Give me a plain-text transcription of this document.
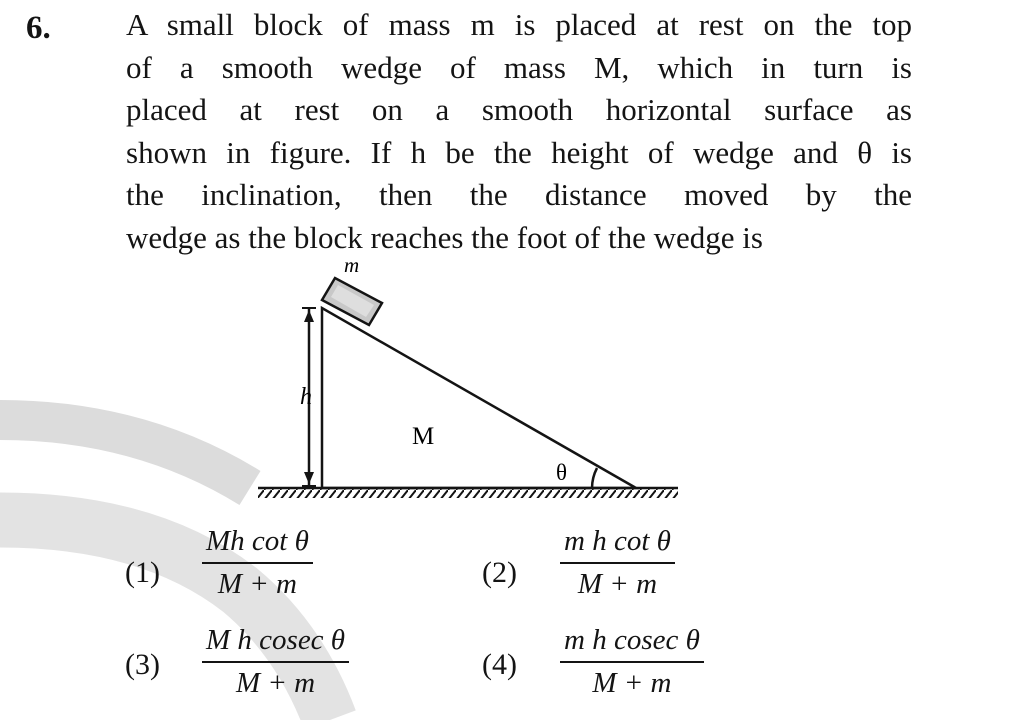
6. A small block of mass m is placed at rest on the top
of a smooth wedge of mass M, which in turn is
placed at rest on a smooth horizontal surface as
shown in figure. If h be the height of wedge and θ is
the inclination, then the distance moved by the
wedge as the block reaches the foot of the wedge is
m
h
M
θ
(1)
Mh cot θ
M + m	(2)
m h cot θ
M + m
(3)
M h cosec θ
M + m
(4)
m h cosec θ
M + m
